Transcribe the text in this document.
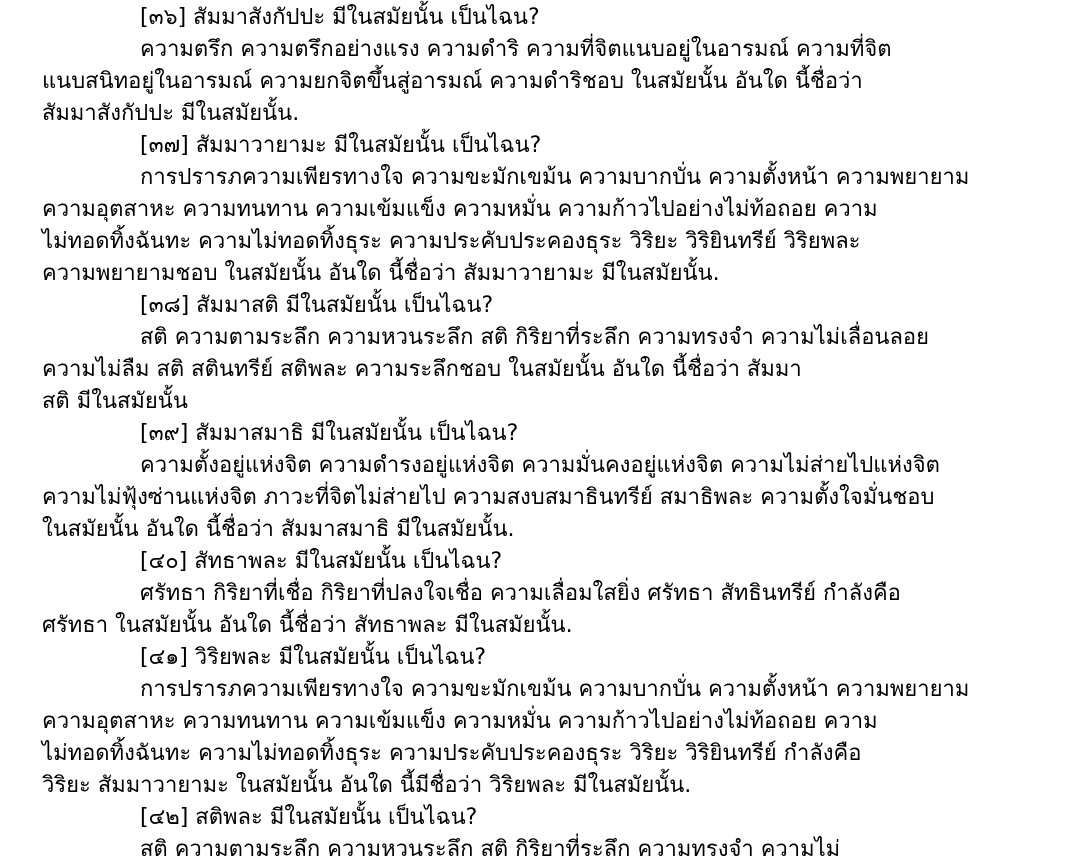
[๓๖] สัมมาสังกัปปะ มีในสมัยนั้น เป็นไฉน?

ความตรึก ความตรึกอย่างแรง ความดำริ ความที่จิตแนบอยู่ในอารมณ์ ความที่จิต

แนบสนิทอยู่ในอารมณ์ ความยกจิตขึ้นสู่อารมณ์ ความดำริชอบ ในสมัยนั้น อันใด นี้ชื่อว่า

สัมมาสังกัปปะ มีในสมัยนั้น.

[๓๗] สัมมาวายามะ มีในสมัยนั้น เป็นไฉน?

การปรารภความเพียรทางใจ ความขะมักเขม้น ความบากบั่น ความตั้งหน้า ความพยายาม

ความอุตสาหะ ความทนทาน ความเข้มแข็ง ความหมั่น ความก้าวไปอย่างไม่ท้อถอย ความ

ไม่ทอดทิ้งฉันทะ ความไม่ทอดทิ้งธุระ ความประคับประคองธุระ วิริยะ วิริยินทรีย์ วิริยพละ

ความพยายามชอบ ในสมัยนั้น อันใด นี้ชื่อว่า สัมมาวายามะ มีในสมัยนั้น.

[๓๘] สัมมาสติ มีในสมัยนั้น เป็นไฉน?

สติ ความตามระลึก ความหวนระลึก สติ กิริยาที่ระลึก ความทรงจำ ความไม่เลื่อนลอย

ความไม่ลืม สติ สตินทรีย์ สติพละ ความระลึกชอบ ในสมัยนั้น อันใด นี้ชื่อว่า สัมมา

สติ มีในสมัยนั้น

[๓๙] สัมมาสมาธิ มีในสมัยนั้น เป็นไฉน?

ความตั้งอยู่แห่งจิต ความดำรงอยู่แห่งจิต ความมั่นคงอยู่แห่งจิต ความไม่ส่ายไปแห่งจิต

ความไม่ฟุ้งซ่านแห่งจิต ภาวะที่จิตไม่ส่ายไป ความสงบสมาธินทรีย์ สมาธิพละ ความตั้งใจมั่นชอบ

ในสมัยนั้น อันใด นี้ชื่อว่า สัมมาสมาธิ มีในสมัยนั้น.

[๔๐] สัทธาพละ มีในสมัยนั้น เป็นไฉน?

ศรัทธา กิริยาที่เชื่อ กิริยาที่ปลงใจเชื่อ ความเลื่อมใสยิ่ง ศรัทธา สัทธินทรีย์ กำลังคือ

ศรัทธา ในสมัยนั้น อันใด นี้ชื่อว่า สัทธาพละ มีในสมัยนั้น.

[๔๑] วิริยพละ มีในสมัยนั้น เป็นไฉน?

การปรารภความเพียรทางใจ ความขะมักเขม้น ความบากบั่น ความตั้งหน้า ความพยายาม

ความอุตสาหะ ความทนทาน ความเข้มแข็ง ความหมั่น ความก้าวไปอย่างไม่ท้อถอย ความ

ไม่ทอดทิ้งฉันทะ ความไม่ทอดทิ้งธุระ ความประคับประคองธุระ วิริยะ วิริยินทรีย์ กำลังคือ

วิริยะ สัมมาวายามะ ในสมัยนั้น อันใด นี้มีชื่อว่า วิริยพละ มีในสมัยนั้น.

[๔๒] สติพละ มีในสมัยนั้น เป็นไฉน?

สติ ความตามระลึก ความหวนระลึก สติ กิริยาที่ระลึก ความทรงจำ ความไม่
